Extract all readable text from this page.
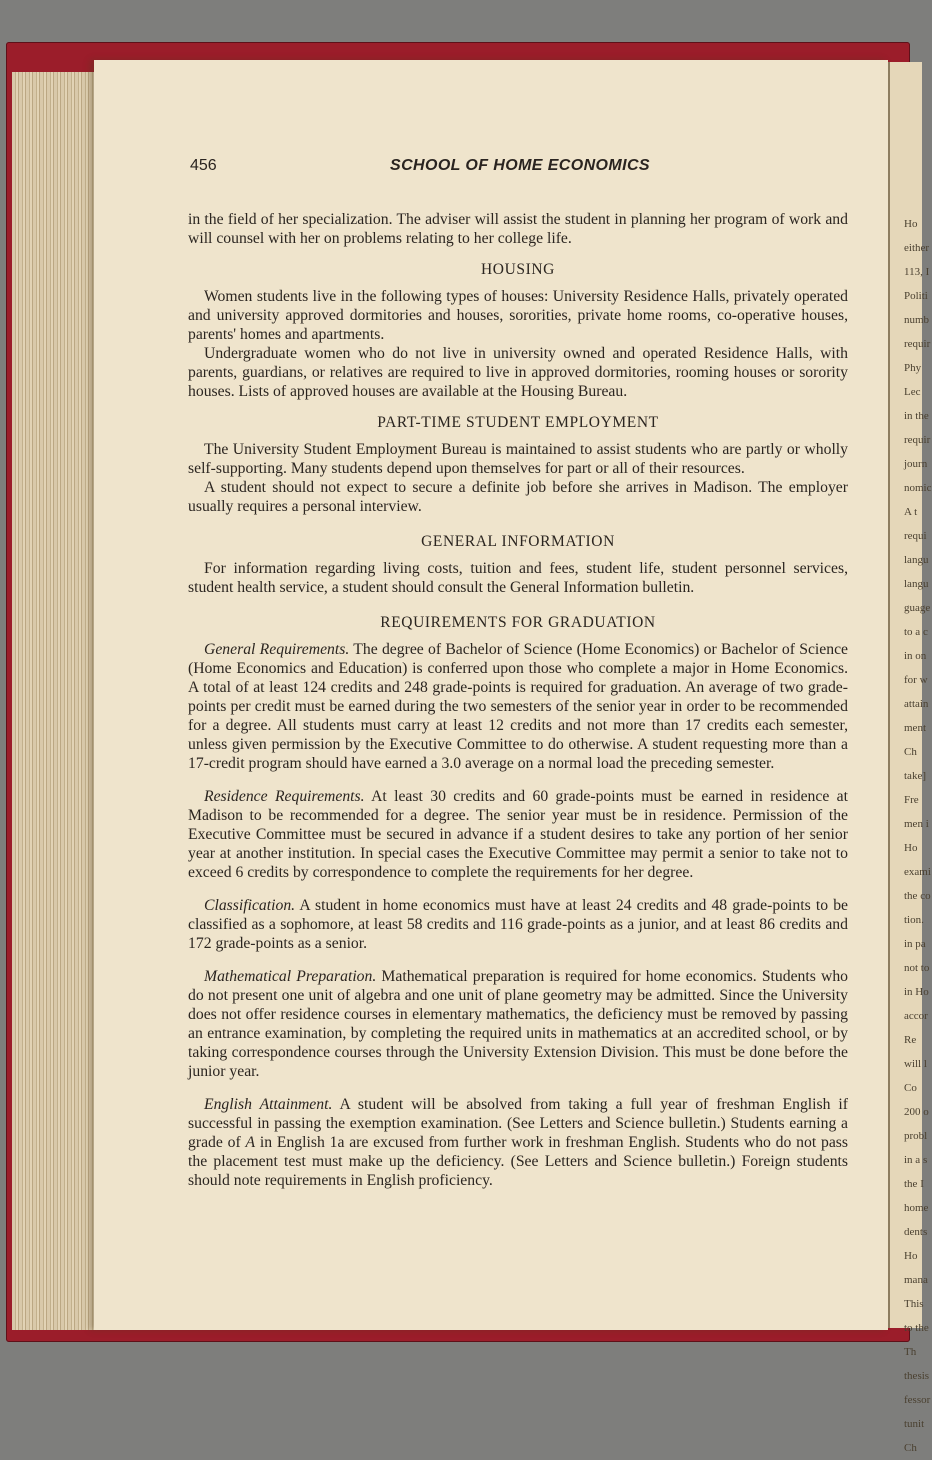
Ho
either
113, I
Politi
numb
requir
Phy
Lec
in the
requir
journ
nomic
A t
requi
langu
langu
guage
to a c
in on
for w
attain
ment
Ch
take]
Fre
men i
Ho
exami
the co
tion.
in pa
not to
in Ho
accor
Re
will l
Co
200 o
probl
in a s
the I
home
dents
Ho
mana
This
to the
Th
thesis
fessor
tunit
Ch
456	SCHOOL OF HOME ECONOMICS

in the field of her specialization. The adviser will assist the student in planning her program of work and will counsel with her on problems relating to her college life.

HOUSING

Women students live in the following types of houses: University Residence Halls, privately operated and university approved dormitories and houses, sororities, private home rooms, co-operative houses, parents' homes and apartments.

Undergraduate women who do not live in university owned and operated Residence Halls, with parents, guardians, or relatives are required to live in approved dormitories, rooming houses or sorority houses. Lists of approved houses are available at the Housing Bureau.

PART-TIME STUDENT EMPLOYMENT

The University Student Employment Bureau is maintained to assist students who are partly or wholly self-supporting. Many students depend upon themselves for part or all of their resources.

A student should not expect to secure a definite job before she arrives in Madison. The employer usually requires a personal interview.

GENERAL INFORMATION

For information regarding living costs, tuition and fees, student life, student personnel services, student health service, a student should consult the General Information bulletin.

REQUIREMENTS FOR GRADUATION

General Requirements. The degree of Bachelor of Science (Home Economics) or Bachelor of Science (Home Economics and Education) is conferred upon those who complete a major in Home Economics. A total of at least 124 credits and 248 grade-points is required for graduation. An average of two grade-points per credit must be earned during the two semesters of the senior year in order to be recommended for a degree. All students must carry at least 12 credits and not more than 17 credits each semester, unless given permission by the Executive Committee to do otherwise. A student requesting more than a 17-credit program should have earned a 3.0 average on a normal load the preceding semester.

Residence Requirements. At least 30 credits and 60 grade-points must be earned in residence at Madison to be recommended for a degree. The senior year must be in residence. Permission of the Executive Committee must be secured in advance if a student desires to take any portion of her senior year at another institution. In special cases the Executive Committee may permit a senior to take not to exceed 6 credits by correspondence to complete the requirements for her degree.

Classification. A student in home economics must have at least 24 credits and 48 grade-points to be classified as a sophomore, at least 58 credits and 116 grade-points as a junior, and at least 86 credits and 172 grade-points as a senior.

Mathematical Preparation. Mathematical preparation is required for home economics. Students who do not present one unit of algebra and one unit of plane geometry may be admitted. Since the University does not offer residence courses in elementary mathematics, the deficiency must be removed by passing an entrance examination, by completing the required units in mathematics at an accredited school, or by taking correspondence courses through the University Extension Division. This must be done before the junior year.

English Attainment. A student will be absolved from taking a full year of freshman English if successful in passing the exemption examination. (See Letters and Science bulletin.) Students earning a grade of A in English 1a are excused from further work in freshman English. Students who do not pass the placement test must make up the deficiency. (See Letters and Science bulletin.) Foreign students should note requirements in English proficiency.
